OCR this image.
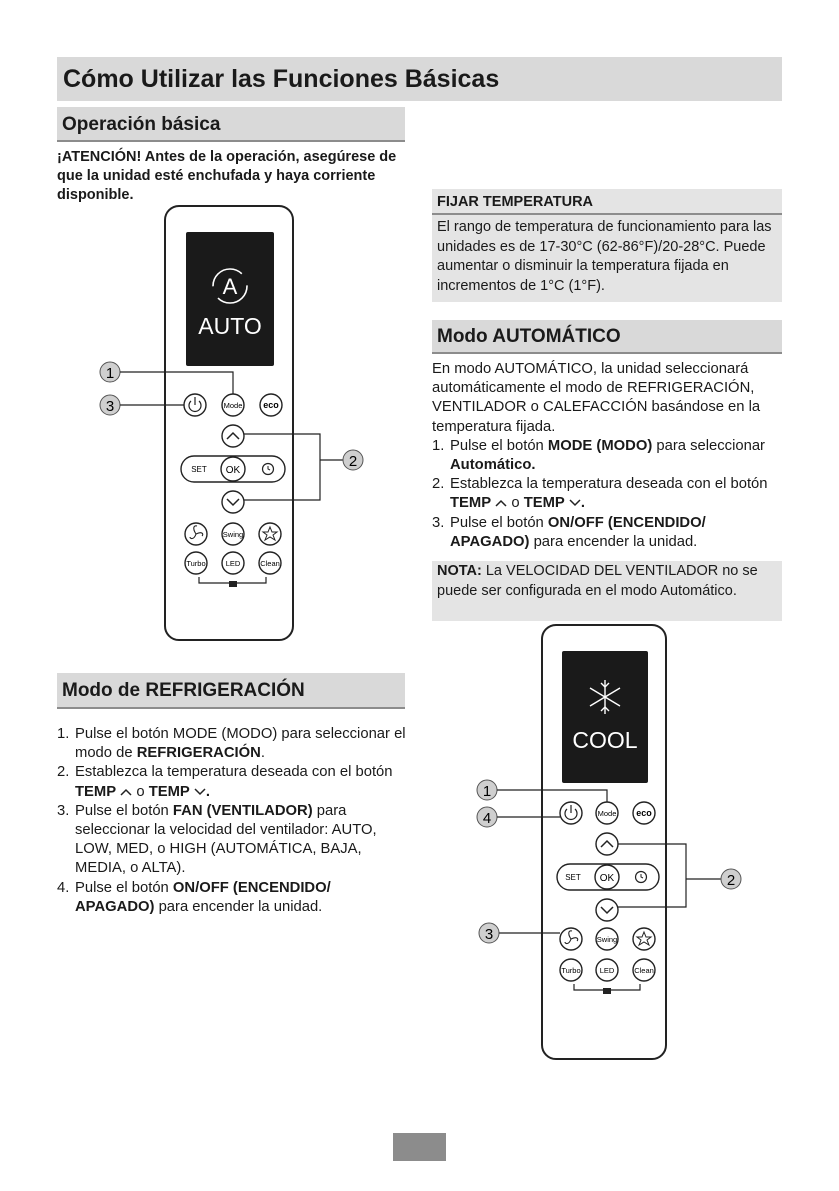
Cómo Utilizar las Funciones Básicas
Operación básica
¡ATENCIÓN! Antes de la operación, asegúrese de que la unidad esté enchufada y haya corriente disponible.
A
AUTO
Mode eco
SET OK
Swing
Turbo	LED	Clean
1
3
2
Modo de REFRIGERACIÓN
1. Pulse el botón MODE (MODO) para seleccionar el modo de REFRIGERACIÓN.
2. Establezca la temperatura deseada con el botón TEMP  o TEMP .
3. Pulse el botón FAN (VENTILADOR) para seleccionar la velocidad del ventilador: AUTO, LOW, MED, o HIGH (AUTOMÁTICA, BAJA, MEDIA, o ALTA).
4. Pulse el botón ON/OFF (ENCENDIDO/ APAGADO) para encender la unidad.
FIJAR TEMPERATURA
El rango de temperatura de funcionamiento para las unidades es de 17-30°C (62-86°F)/20-28°C. Puede aumentar o disminuir la temperatura fijada en incrementos de 1°C (1°F).
Modo AUTOMÁTICO
En modo AUTOMÁTICO, la unidad seleccionará automáticamente el modo de REFRIGERACIÓN, VENTILADOR o CALEFACCIÓN basándose en la temperatura fijada.
1. Pulse el botón MODE (MODO) para seleccionar Automático.
2. Establezca la temperatura deseada con el botón TEMP  o TEMP .
3. Pulse el botón ON/OFF (ENCENDIDO/ APAGADO) para encender la unidad.
NOTA: La VELOCIDAD DEL VENTILADOR no se puede ser configurada en el modo Automático.
COOL
Mode eco
SET OK
Swing
Turbo	LED	Clean
1
4
2
3
